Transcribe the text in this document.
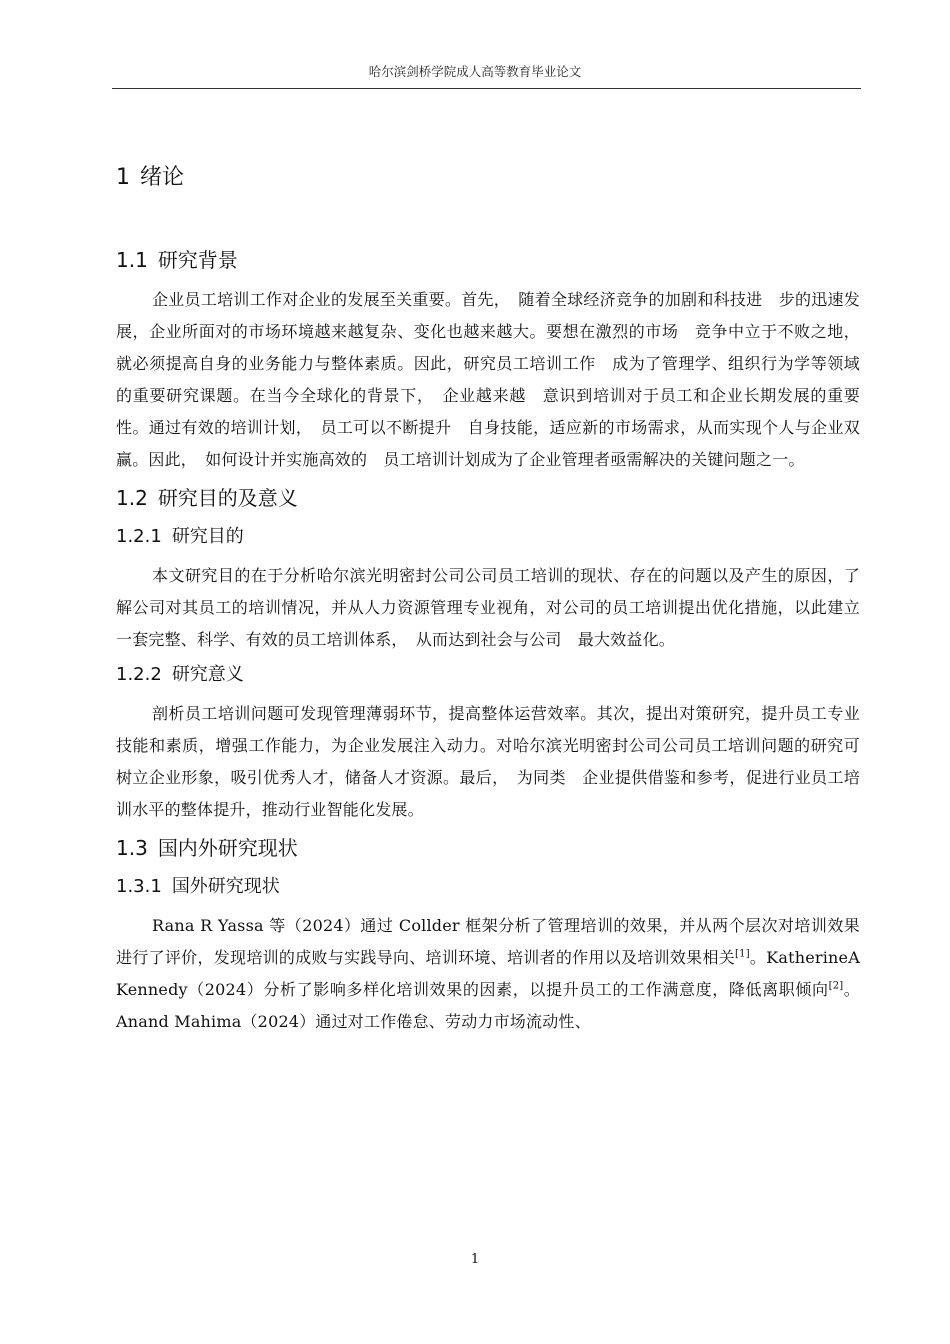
哈尔滨剑桥学院成人高等教育毕业论文
1 绪论
1.1 研究背景

企业员工培训工作对企业的发展至关重要。首先，　随着全球经济竞争的加剧和科技进　步的迅速发展，企业所面对的市场环境越来越复杂、变化也越来越大。要想在激烈的市场　竞争中立于不败之地，就必须提高自身的业务能力与整体素质。因此，研究员工培训工作　成为了管理学、组织行为学等领域的重要研究课题。在当今全球化的背景下，　企业越来越　意识到培训对于员工和企业长期发展的重要性。通过有效的培训计划，　员工可以不断提升　自身技能，适应新的市场需求，从而实现个人与企业双赢。因此，　如何设计并实施高效的　员工培训计划成为了企业管理者亟需解决的关键问题之一。

1.2 研究目的及意义
1.2.1 研究目的

本文研究目的在于分析哈尔滨光明密封公司公司员工培训的现状、存在的问题以及产生的原因，了解公司对其员工的培训情况，并从人力资源管理专业视角，对公司的员工培训提出优化措施，以此建立一套完整、科学、有效的员工培训体系，　从而达到社会与公司　最大效益化。

1.2.2 研究意义

剖析员工培训问题可发现管理薄弱环节，提高整体运营效率。其次，提出对策研究，提升员工专业技能和素质，增强工作能力，为企业发展注入动力。对哈尔滨光明密封公司公司员工培训问题的研究可树立企业形象，吸引优秀人才，储备人才资源。最后，　为同类　企业提供借鉴和参考，促进行业员工培训水平的整体提升，推动行业智能化发展。

1.3 国内外研究现状
1.3.1 国外研究现状

Rana R Yassa 等（2024）通过 Collder 框架分析了管理培训的效果，并从两个层次对培训效果进行了评价，发现培训的成败与实践导向、培训环境、培训者的作用以及培训效果相关[1]。KatherineA Kennedy（2024）分析了影响多样化培训效果的因素，以提升员工的工作满意度，降低离职倾向[2]。Anand Mahima（2024）通过对工作倦怠、劳动力市场流动性、

1
